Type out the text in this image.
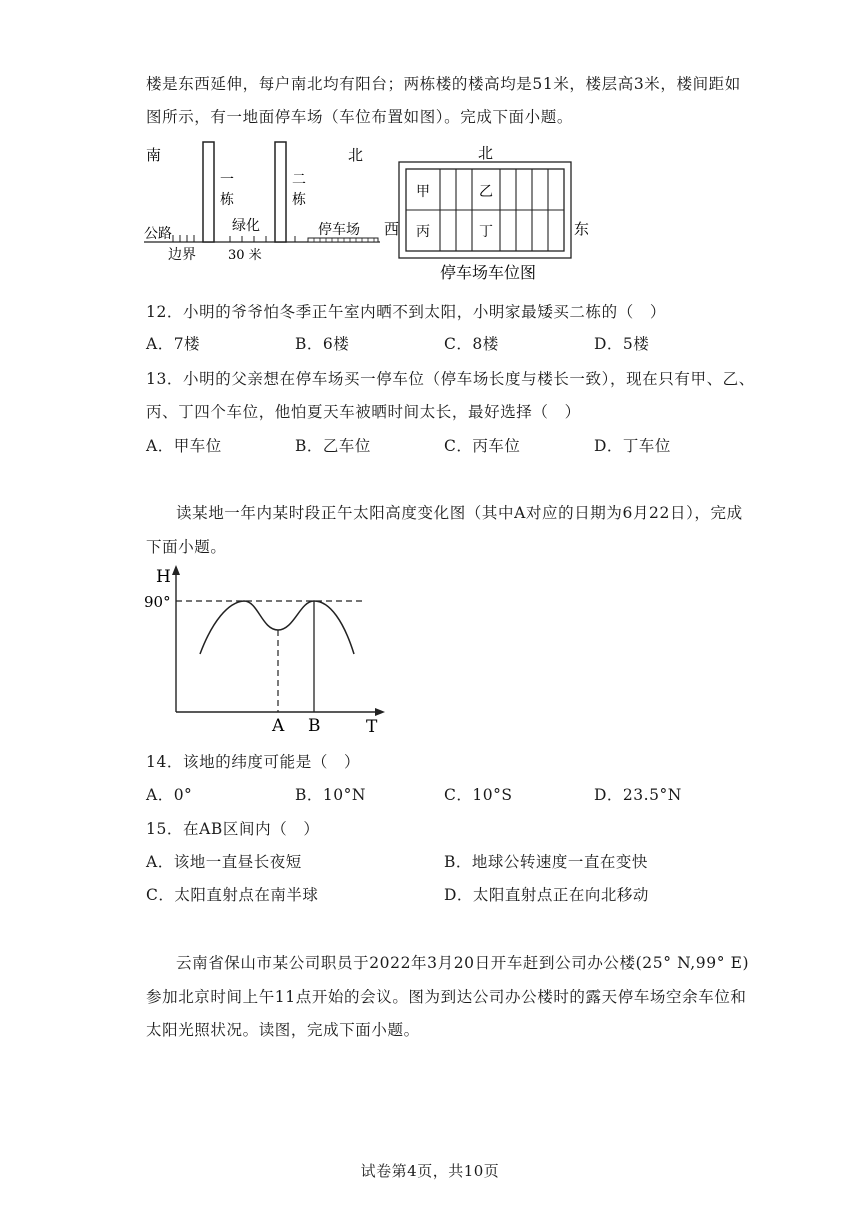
楼是东西延伸，每户南北均有阳台；两栋楼的楼高均是51米，楼层高3米，楼间距如
图所示，有一地面停车场（车位布置如图）。完成下面小题。
南	北
一
栋
二
栋
公路
边界
绿化
30 米
停车场
北
西	东
甲	乙
丙	丁
停车场车位图
12．小明的爷爷怕冬季正午室内晒不到太阳，小明家最矮买二栋的（　）
A．7楼	B．6楼	C．8楼	D．5楼
13．小明的父亲想在停车场买一停车位（停车场长度与楼长一致），现在只有甲、乙、
丙、丁四个车位，他怕夏天车被晒时间太长，最好选择（　）
A．甲车位	B．乙车位	C．丙车位	D．丁车位
读某地一年内某时段正午太阳高度变化图（其中A对应的日期为6月22日），完成
下面小题。
H
90°
T
A B
14．该地的纬度可能是（　）
A．0°	B．10°N	C．10°S	D．23.5°N
15．在AB区间内（　）
A．该地一直昼长夜短	B．地球公转速度一直在变快
C．太阳直射点在南半球	D．太阳直射点正在向北移动
云南省保山市某公司职员于2022年3月20日开车赶到公司办公楼(25° N,99° E)
参加北京时间上午11点开始的会议。图为到达公司办公楼时的露天停车场空余车位和
太阳光照状况。读图，完成下面小题。
试卷第4页，共10页
